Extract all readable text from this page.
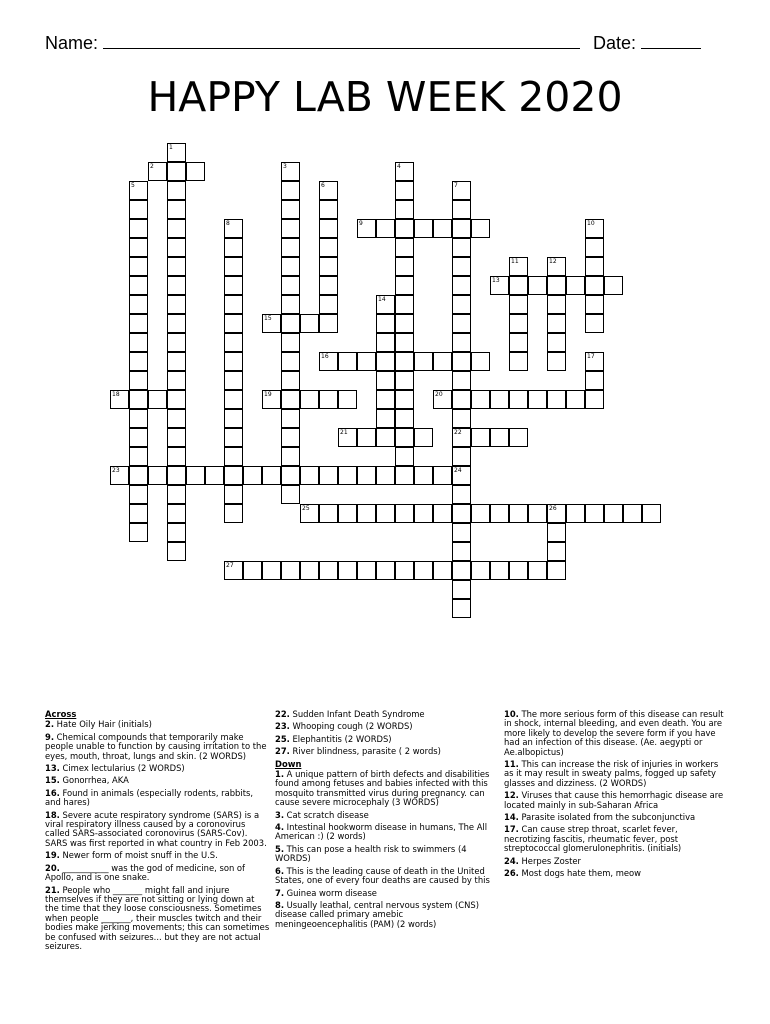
Name:	Date:
HAPPY LAB WEEK 2020
1
2	3	4
5	6	7
22
8	9	10
11	12
13
14
15
16	17
18	19	20
21
23	24
25	26
27
Across
2. Hate Oily Hair (initials)
9. Chemical compounds that temporarily make people unable to function by causing irritation to the eyes, mouth, throat, lungs and skin. (2 WORDS)
13. Cimex lectularius (2 WORDS)
15. Gonorrhea, AKA
16. Found in animals (especially rodents, rabbits, and hares)
18. Severe acute respiratory syndrome (SARS) is a viral respiratory illness caused by a coronovirus called SARS-associated coronovirus (SARS-Cov). SARS was first reported in what country in Feb 2003.
19. Newer form of moist snuff in the U.S.
20. ___________ was the god of medicine, son of Apollo, and is one snake.
21. People who _______ might fall and injure themselves if they are not sitting or lying down at the time that they loose consciousness. Sometimes when people _______, their muscles twitch and their bodies make jerking movements; this can sometimes be confused with seizures... but they are not actual seizures.
22. Sudden Infant Death Syndrome
23. Whooping cough (2 WORDS)
25. Elephantitis (2 WORDS)
27. River blindness, parasite ( 2 words)
Down
1. A unique pattern of birth defects and disabilities found among fetuses and babies infected with this mosquito transmitted virus during pregnancy. can cause severe microcephaly (3 WORDS)
3. Cat scratch disease
4. Intestinal hookworm disease in humans, The All American :) (2 words)
5. This can pose a health risk to swimmers (4 WORDS)
6. This is the leading cause of death in the United States, one of every four deaths are caused by this
7. Guinea worm disease
8. Usually leathal, central nervous system (CNS) disease called primary amebic meningeoencephalitis (PAM) (2 words)
10. The more serious form of this disease can result in shock, internal bleeding, and even death. You are more likely to develop the severe form if you have had an infection of this disease. (Ae. aegypti or Ae.albopictus)
11. This can increase the risk of injuries in workers as it may result in sweaty palms, fogged up safety glasses and dizziness. (2 WORDS)
12. Viruses that cause this hemorrhagic disease are located mainly in sub-Saharan Africa
14. Parasite isolated from the subconjunctiva
17. Can cause strep throat, scarlet fever, necrotizing fascitis, rheumatic fever, post streptococcal glomerulonephritis. (initials)
24. Herpes Zoster
26. Most dogs hate them, meow
